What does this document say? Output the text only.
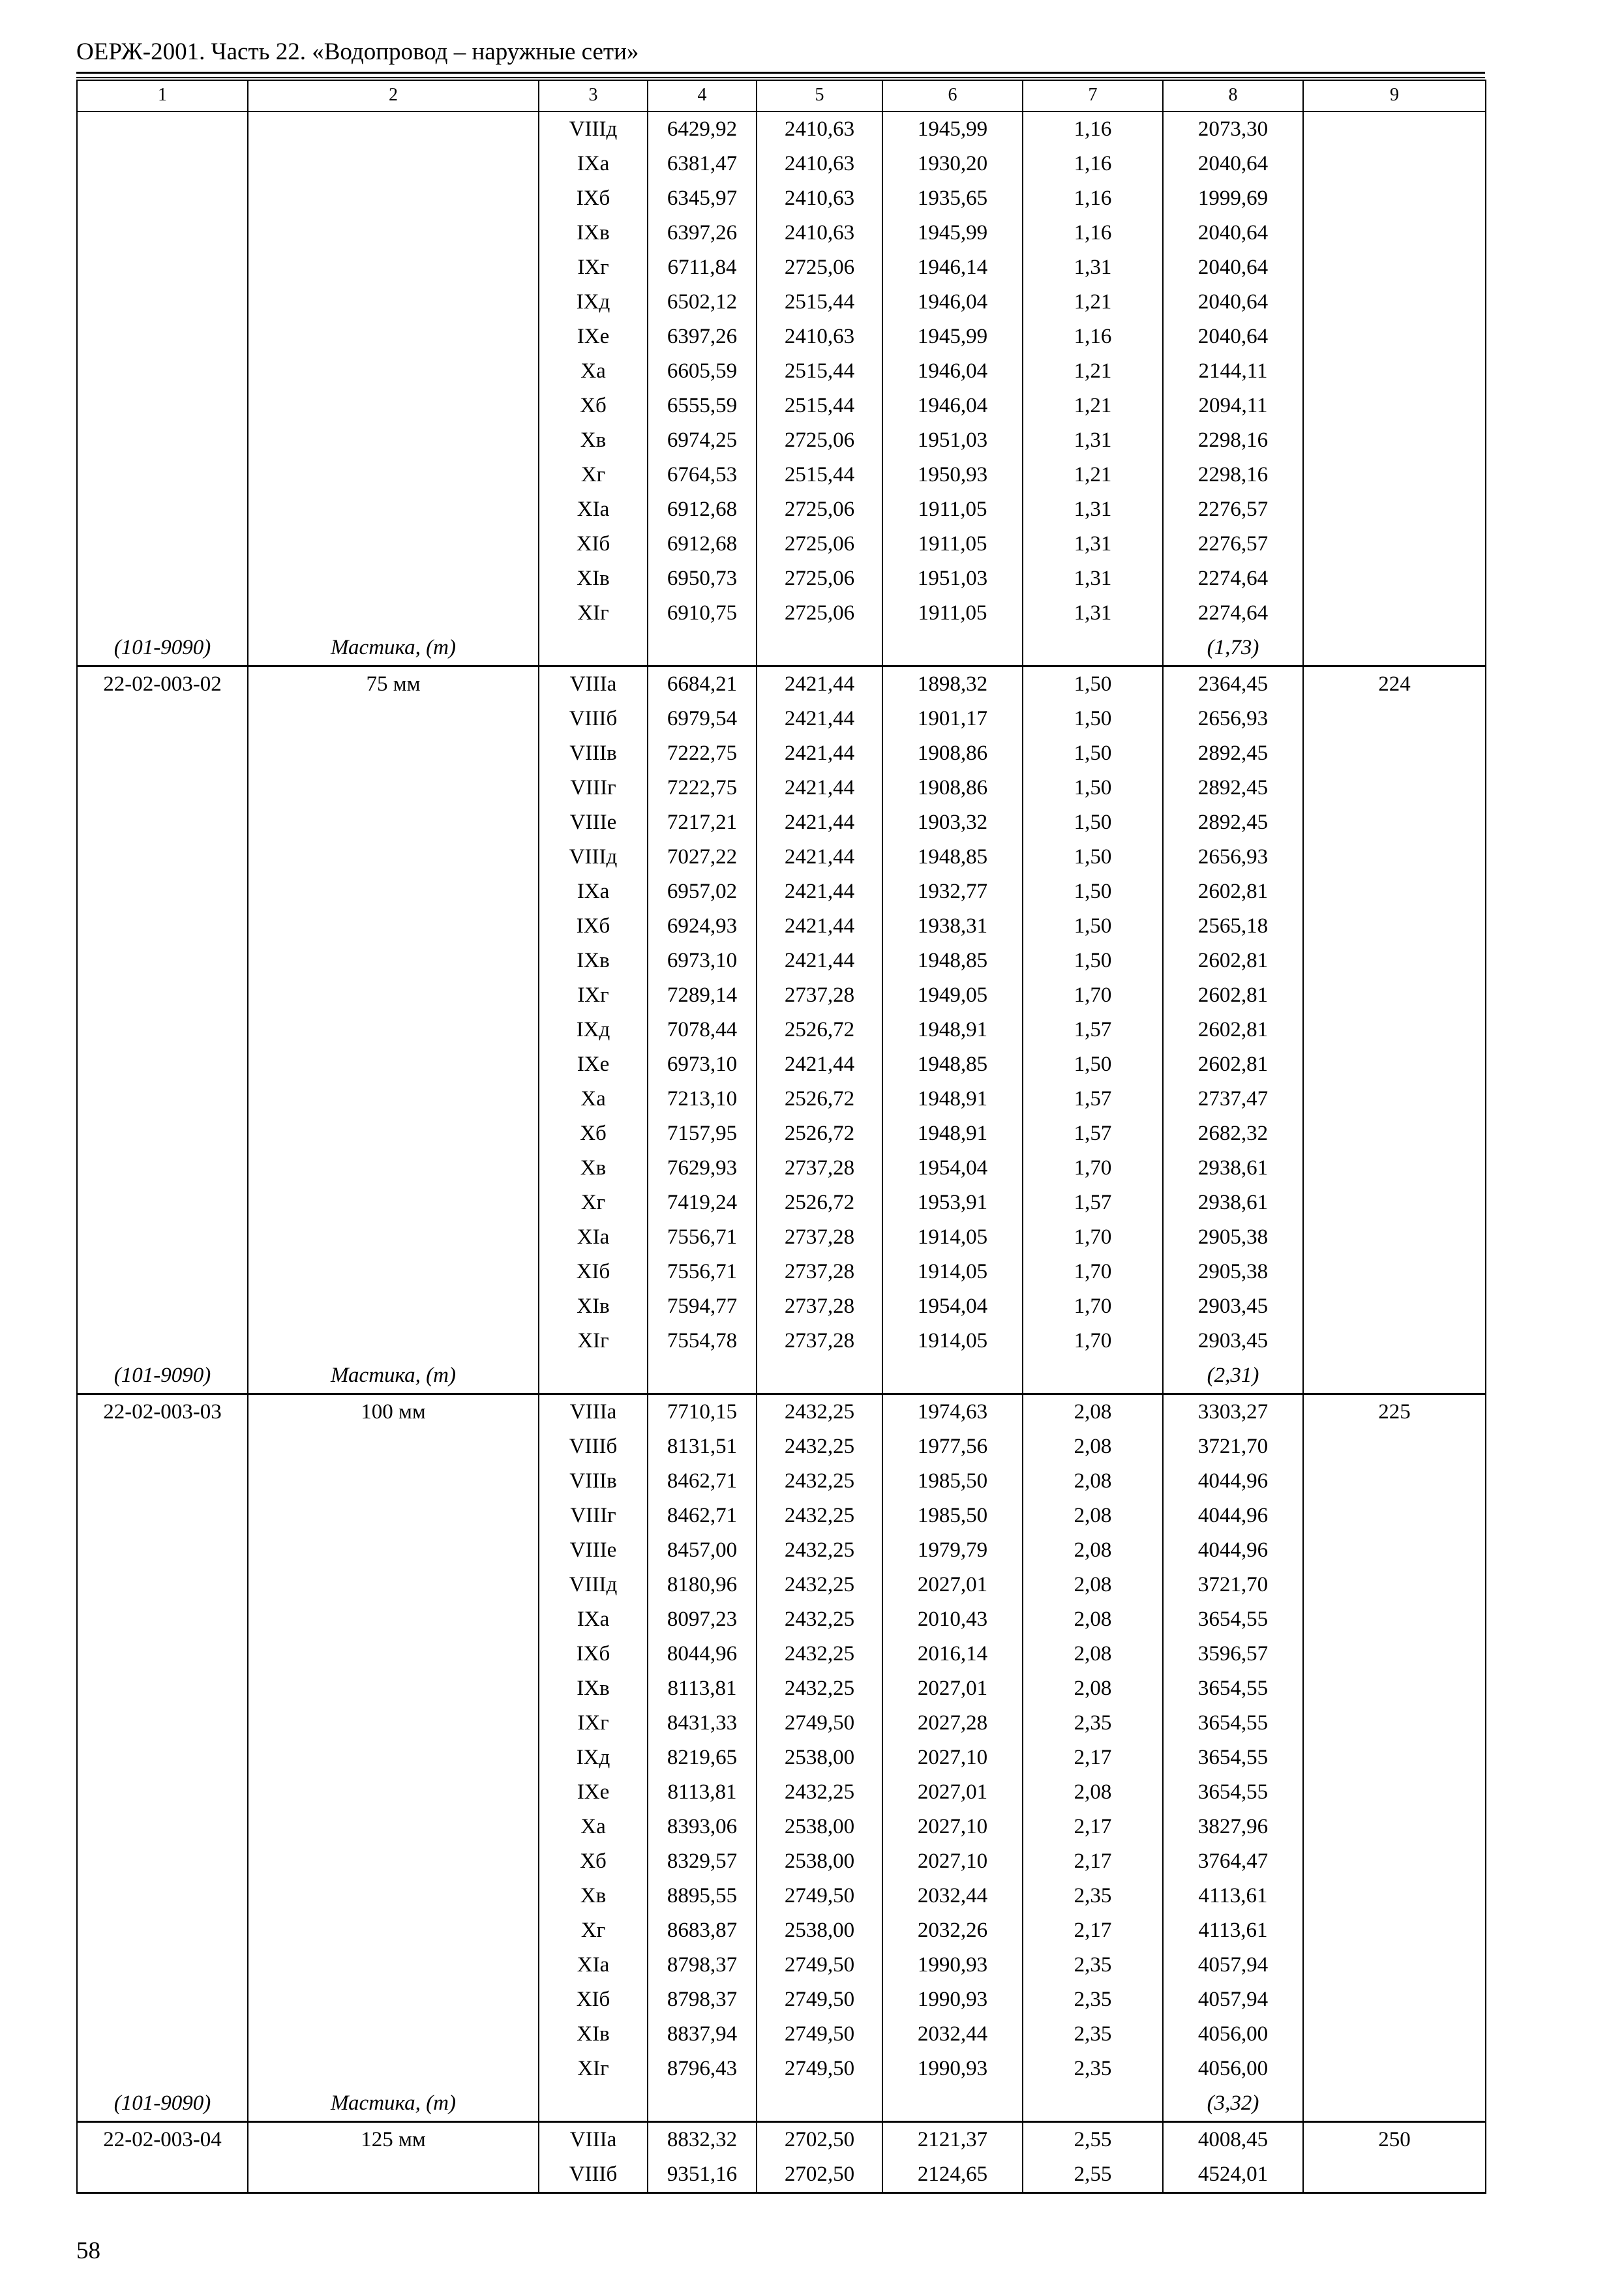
ОЕРЖ-2001. Часть 22. «Водопровод – наружные сети»
1	2	3	4	5	6	7	8	9
		VIIIд	6429,92	2410,63	1945,99	1,16	2073,30	
		IXа	6381,47	2410,63	1930,20	1,16	2040,64	
		IXб	6345,97	2410,63	1935,65	1,16	1999,69	
		IXв	6397,26	2410,63	1945,99	1,16	2040,64	
		IXг	6711,84	2725,06	1946,14	1,31	2040,64	
		IXд	6502,12	2515,44	1946,04	1,21	2040,64	
		IXе	6397,26	2410,63	1945,99	1,16	2040,64	
		Xа	6605,59	2515,44	1946,04	1,21	2144,11	
		Xб	6555,59	2515,44	1946,04	1,21	2094,11	
		Xв	6974,25	2725,06	1951,03	1,31	2298,16	
		Xг	6764,53	2515,44	1950,93	1,21	2298,16	
		XIа	6912,68	2725,06	1911,05	1,31	2276,57	
		XIб	6912,68	2725,06	1911,05	1,31	2276,57	
		XIв	6950,73	2725,06	1951,03	1,31	2274,64	
		XIг	6910,75	2725,06	1911,05	1,31	2274,64	
(101-9090)	Мастика, (т)						(1,73)	
22-02-003-02	75 мм	VIIIа	6684,21	2421,44	1898,32	1,50	2364,45	224
		VIIIб	6979,54	2421,44	1901,17	1,50	2656,93	
		VIIIв	7222,75	2421,44	1908,86	1,50	2892,45	
		VIIIг	7222,75	2421,44	1908,86	1,50	2892,45	
		VIIIе	7217,21	2421,44	1903,32	1,50	2892,45	
		VIIIд	7027,22	2421,44	1948,85	1,50	2656,93	
		IXа	6957,02	2421,44	1932,77	1,50	2602,81	
		IXб	6924,93	2421,44	1938,31	1,50	2565,18	
		IXв	6973,10	2421,44	1948,85	1,50	2602,81	
		IXг	7289,14	2737,28	1949,05	1,70	2602,81	
		IXд	7078,44	2526,72	1948,91	1,57	2602,81	
		IXе	6973,10	2421,44	1948,85	1,50	2602,81	
		Xа	7213,10	2526,72	1948,91	1,57	2737,47	
		Xб	7157,95	2526,72	1948,91	1,57	2682,32	
		Xв	7629,93	2737,28	1954,04	1,70	2938,61	
		Xг	7419,24	2526,72	1953,91	1,57	2938,61	
		XIа	7556,71	2737,28	1914,05	1,70	2905,38	
		XIб	7556,71	2737,28	1914,05	1,70	2905,38	
		XIв	7594,77	2737,28	1954,04	1,70	2903,45	
		XIг	7554,78	2737,28	1914,05	1,70	2903,45	
(101-9090)	Мастика, (т)						(2,31)	
22-02-003-03	100 мм	VIIIа	7710,15	2432,25	1974,63	2,08	3303,27	225
		VIIIб	8131,51	2432,25	1977,56	2,08	3721,70	
		VIIIв	8462,71	2432,25	1985,50	2,08	4044,96	
		VIIIг	8462,71	2432,25	1985,50	2,08	4044,96	
		VIIIе	8457,00	2432,25	1979,79	2,08	4044,96	
		VIIIд	8180,96	2432,25	2027,01	2,08	3721,70	
		IXа	8097,23	2432,25	2010,43	2,08	3654,55	
		IXб	8044,96	2432,25	2016,14	2,08	3596,57	
		IXв	8113,81	2432,25	2027,01	2,08	3654,55	
		IXг	8431,33	2749,50	2027,28	2,35	3654,55	
		IXд	8219,65	2538,00	2027,10	2,17	3654,55	
		IXе	8113,81	2432,25	2027,01	2,08	3654,55	
		Xа	8393,06	2538,00	2027,10	2,17	3827,96	
		Xб	8329,57	2538,00	2027,10	2,17	3764,47	
		Xв	8895,55	2749,50	2032,44	2,35	4113,61	
		Xг	8683,87	2538,00	2032,26	2,17	4113,61	
		XIа	8798,37	2749,50	1990,93	2,35	4057,94	
		XIб	8798,37	2749,50	1990,93	2,35	4057,94	
		XIв	8837,94	2749,50	2032,44	2,35	4056,00	
		XIг	8796,43	2749,50	1990,93	2,35	4056,00	
(101-9090)	Мастика, (т)						(3,32)	
22-02-003-04	125 мм	VIIIа	8832,32	2702,50	2121,37	2,55	4008,45	250
		VIIIб	9351,16	2702,50	2124,65	2,55	4524,01	
58
